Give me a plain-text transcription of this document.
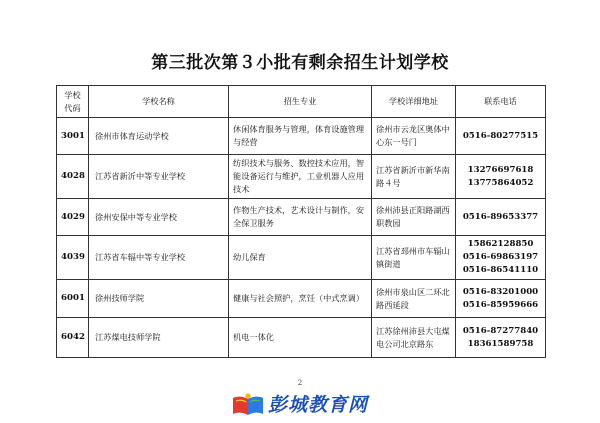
第三批次第３小批有剩余招生计划学校
学校
代码	学校名称	招生专业	学校详细地址	联系电话
3001	徐州市体育运动学校	休闲体育服务与管理，体育设施管理与经营	徐州市云龙区奥体中心东一号门	0516-80277515

4028	江苏省新沂中等专业学校	纺织技术与服务、数控技术应用，智能设备运行与维护，工业机器人应用技术	江苏省新沂市新华南路４号	13276697618
13775864052

4029	徐州安保中等专业学校	作物生产技术，艺术设计与制作，安全保卫服务	徐州沛县正阳路湖西职教园	0516-89653377

4039	江苏省车辐中等专业学校	幼儿保育	江苏省邳州市车辐山镇街道	15862128850
0516-69863197
0516-86541110

6001	徐州技师学院	健康与社会照护，烹饪（中式烹调）	徐州市泉山区二环北路西延段	0516-83201000
0516-85959666

6042	江苏煤电技师学院	机电一体化	江苏徐州沛县大屯煤电公司北京路东	0516-87277840
18361589758
2
彭城教育网
